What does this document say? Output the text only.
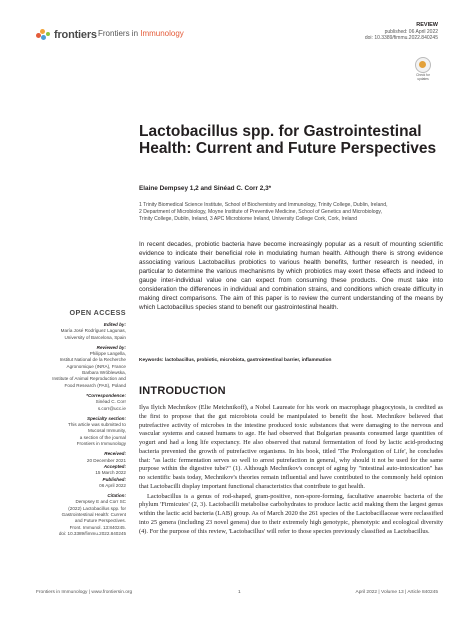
frontiers Frontiers in Immunology
REVIEW
published: 06 April 2022
doi: 10.3389/fimmu.2022.840245
Check for updates
Lactobacillus spp. for Gastrointestinal Health: Current and Future Perspectives
Elaine Dempsey 1,2 and Sinéad C. Corr 2,3*
1 Trinity Biomedical Science Institute, School of Biochemistry and Immunology, Trinity College, Dublin, Ireland,
2 Department of Microbiology, Moyne Institute of Preventive Medicine, School of Genetics and Microbiology,
Trinity College, Dublin, Ireland, 3 APC Microbiome Ireland, University College Cork, Cork, Ireland
In recent decades, probiotic bacteria have become increasingly popular as a result of mounting scientific evidence to indicate their beneficial role in modulating human health. Although there is strong evidence associating various Lactobacillus probiotics to various health benefits, further research is needed, in particular to determine the various mechanisms by which probiotics may exert these effects and indeed to gauge inter-individual value one can expect from consuming these products. One must take into consideration the differences in individual and combination strains, and conditions which create difficulty in making direct comparisons. The aim of this paper is to review the current understanding of the means by which Lactobacillus species stand to benefit our gastrointestinal health.
Keywords: lactobacillus, probiotic, microbiota, gastrointestinal barrier, inflammation
OPEN ACCESS
Edited by:
María José Rodríguez Lagunas,
University of Barcelona, Spain
Reviewed by:
Philippe Langella,
Institut National de la Recherche
Agronomique (INRA), France
Barbara Wróblewska,
Institute of Animal Reproduction and
Food Research (PAS), Poland
*Correspondence:
Sinéad C. Corr
s.corr@ucc.ie
Specialty section:
This article was submitted to
Mucosal Immunity,
a section of the journal
Frontiers in Immunology
Received:
20 December 2021
Accepted:
15 March 2022
Published:
06 April 2022
Citation:
Dempsey E and Corr SC
(2022) Lactobacillus spp. for
Gastrointestinal Health: Current
and Future Perspectives.
Front. Immunol. 13:840245.
doi: 10.3389/fimmu.2022.840245
INTRODUCTION

Ilya Ilyich Mechnikov (Elie Metchnikoff), a Nobel Laureate for his work on macrophage phagocytosis, is credited as the first to propose that the gut microbiota could be manipulated to benefit the host. Mechnikov believed that putrefactive activity of microbes in the intestine produced toxic substances that were damaging to the nervous and vascular systems and caused humans to age. He had observed that Bulgarian peasants consumed large quantities of yogurt and had a long life expectancy. He also observed that natural fermentation of food by lactic acid-producing bacteria prevented the growth of putrefactive organisms. In his book, titled 'The Prolongation of Life', he concludes that: "as lactic fermentation serves so well to arrest putrefaction in general, why should it not be used for the same purpose within the digestive tube?" (1). Although Mechnikov's concept of aging by "intestinal auto-intoxication" has no scientific basis today, Mechnikov's theories remain influential and have contributed to the commonly held opinion that Lactobacilli display important functional characteristics that contribute to gut health.

Lactobacillus is a genus of rod-shaped, gram-positive, non-spore-forming, facultative anaerobic bacteria of the phylum 'Firmicutes' (2, 3). Lactobacilli metabolise carbohydrates to produce lactic acid making them the largest genus within the lactic acid bacteria (LAB) group. As of March 2020 the 261 species of the Lactobacillaceae were reclassified into 25 genera (including 23 novel genera) due to their extremely high genotypic, phenotypic and ecological diversity (4). For the purpose of this review, 'Lactobacillus' will refer to those species previously classified as Lactobacillus.

Frontiers in Immunology | www.frontiersin.org	1	April 2022 | Volume 13 | Article 840245
